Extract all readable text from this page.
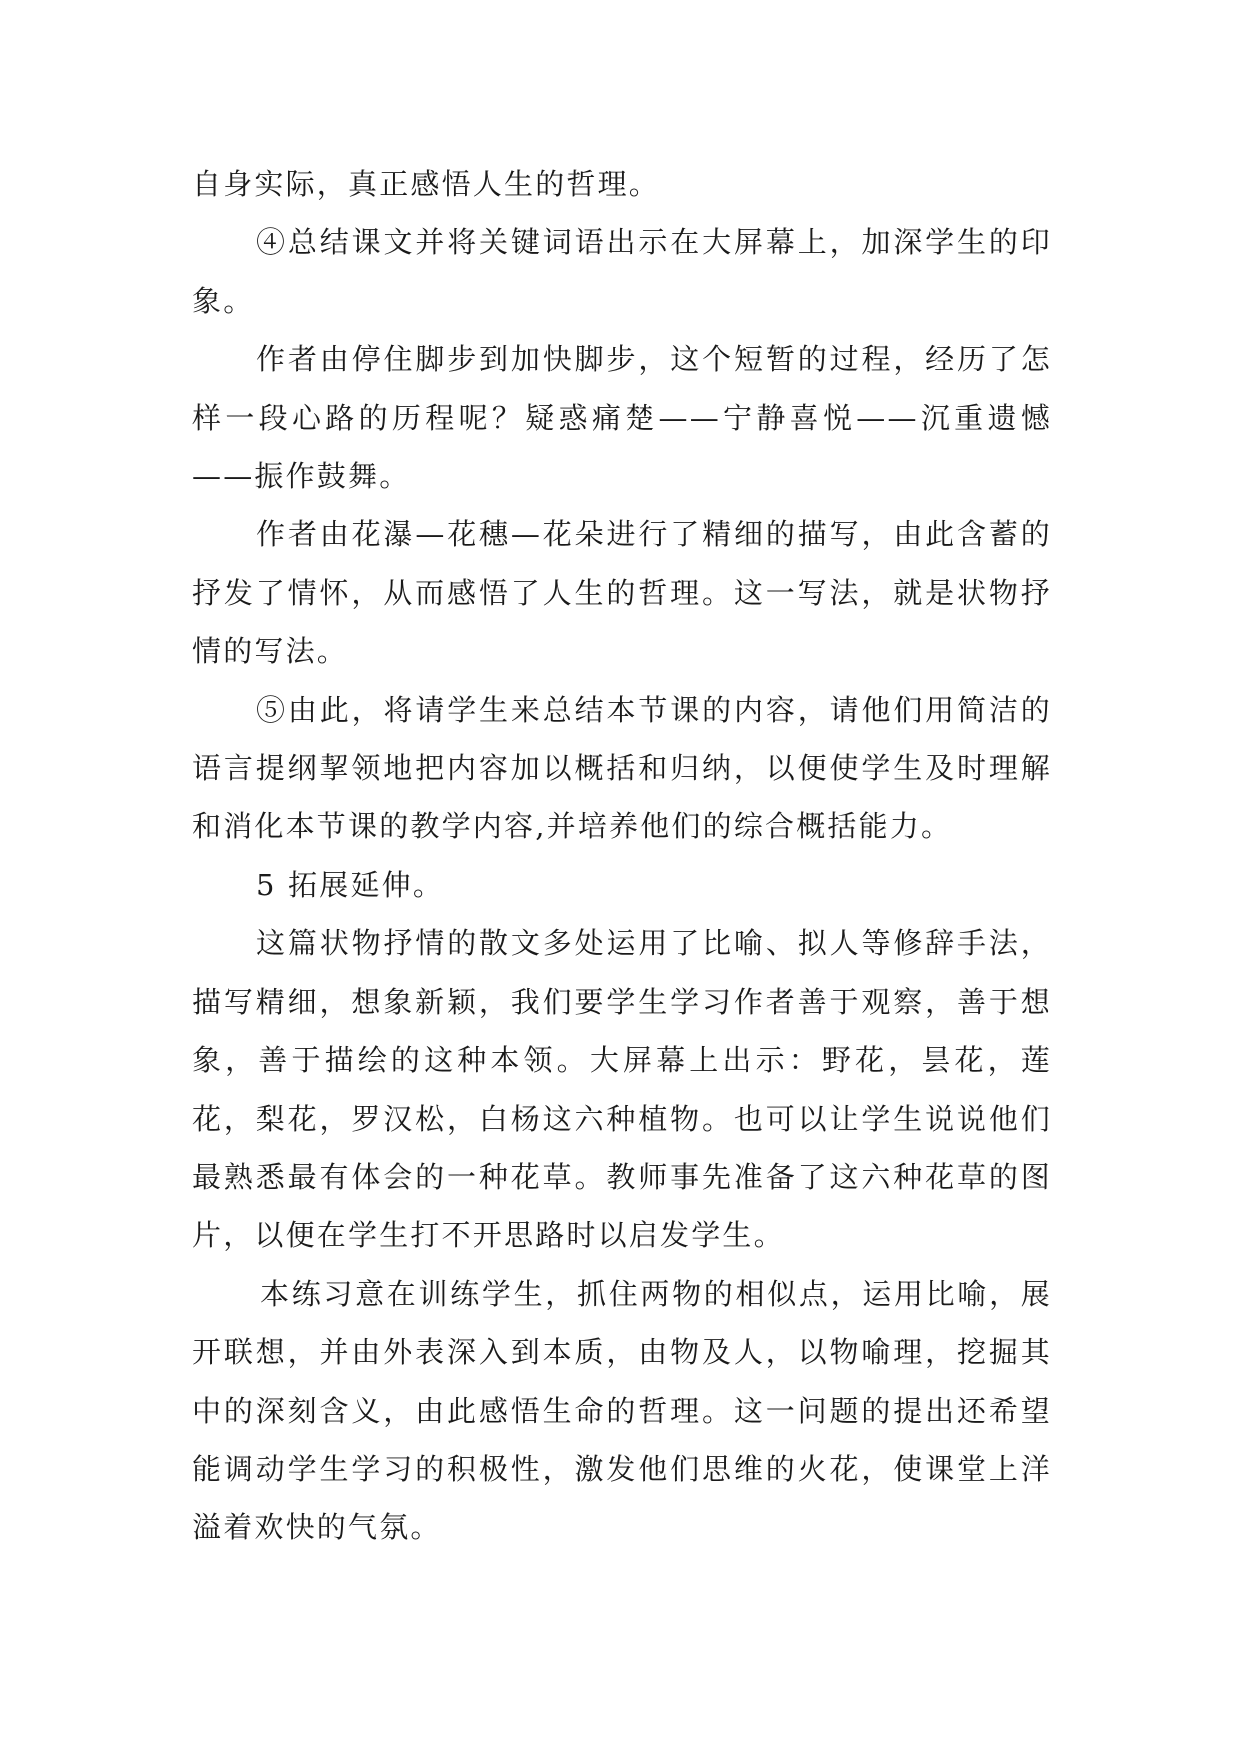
自身实际，真正感悟人生的哲理。

④总结课文并将关键词语出示在大屏幕上，加深学生的印象。

作者由停住脚步到加快脚步，这个短暂的过程，经历了怎样一段心路的历程呢？疑惑痛楚——宁静喜悦——沉重遗憾——振作鼓舞。

作者由花瀑—花穗—花朵进行了精细的描写，由此含蓄的抒发了情怀，从而感悟了人生的哲理。这一写法，就是状物抒情的写法。

⑤由此，将请学生来总结本节课的内容，请他们用简洁的语言提纲挈领地把内容加以概括和归纳，以便使学生及时理解和消化本节课的教学内容,并培养他们的综合概括能力。

5 拓展延伸。

这篇状物抒情的散文多处运用了比喻、拟人等修辞手法，描写精细，想象新颖，我们要学生学习作者善于观察，善于想象，善于描绘的这种本领。大屏幕上出示：野花，昙花，莲花，梨花，罗汉松，白杨这六种植物。也可以让学生说说他们最熟悉最有体会的一种花草。教师事先准备了这六种花草的图片，以便在学生打不开思路时以启发学生。

本练习意在训练学生，抓住两物的相似点，运用比喻，展开联想，并由外表深入到本质，由物及人，以物喻理，挖掘其中的深刻含义，由此感悟生命的哲理。这一问题的提出还希望能调动学生学习的积极性，激发他们思维的火花，使课堂上洋溢着欢快的气氛。
